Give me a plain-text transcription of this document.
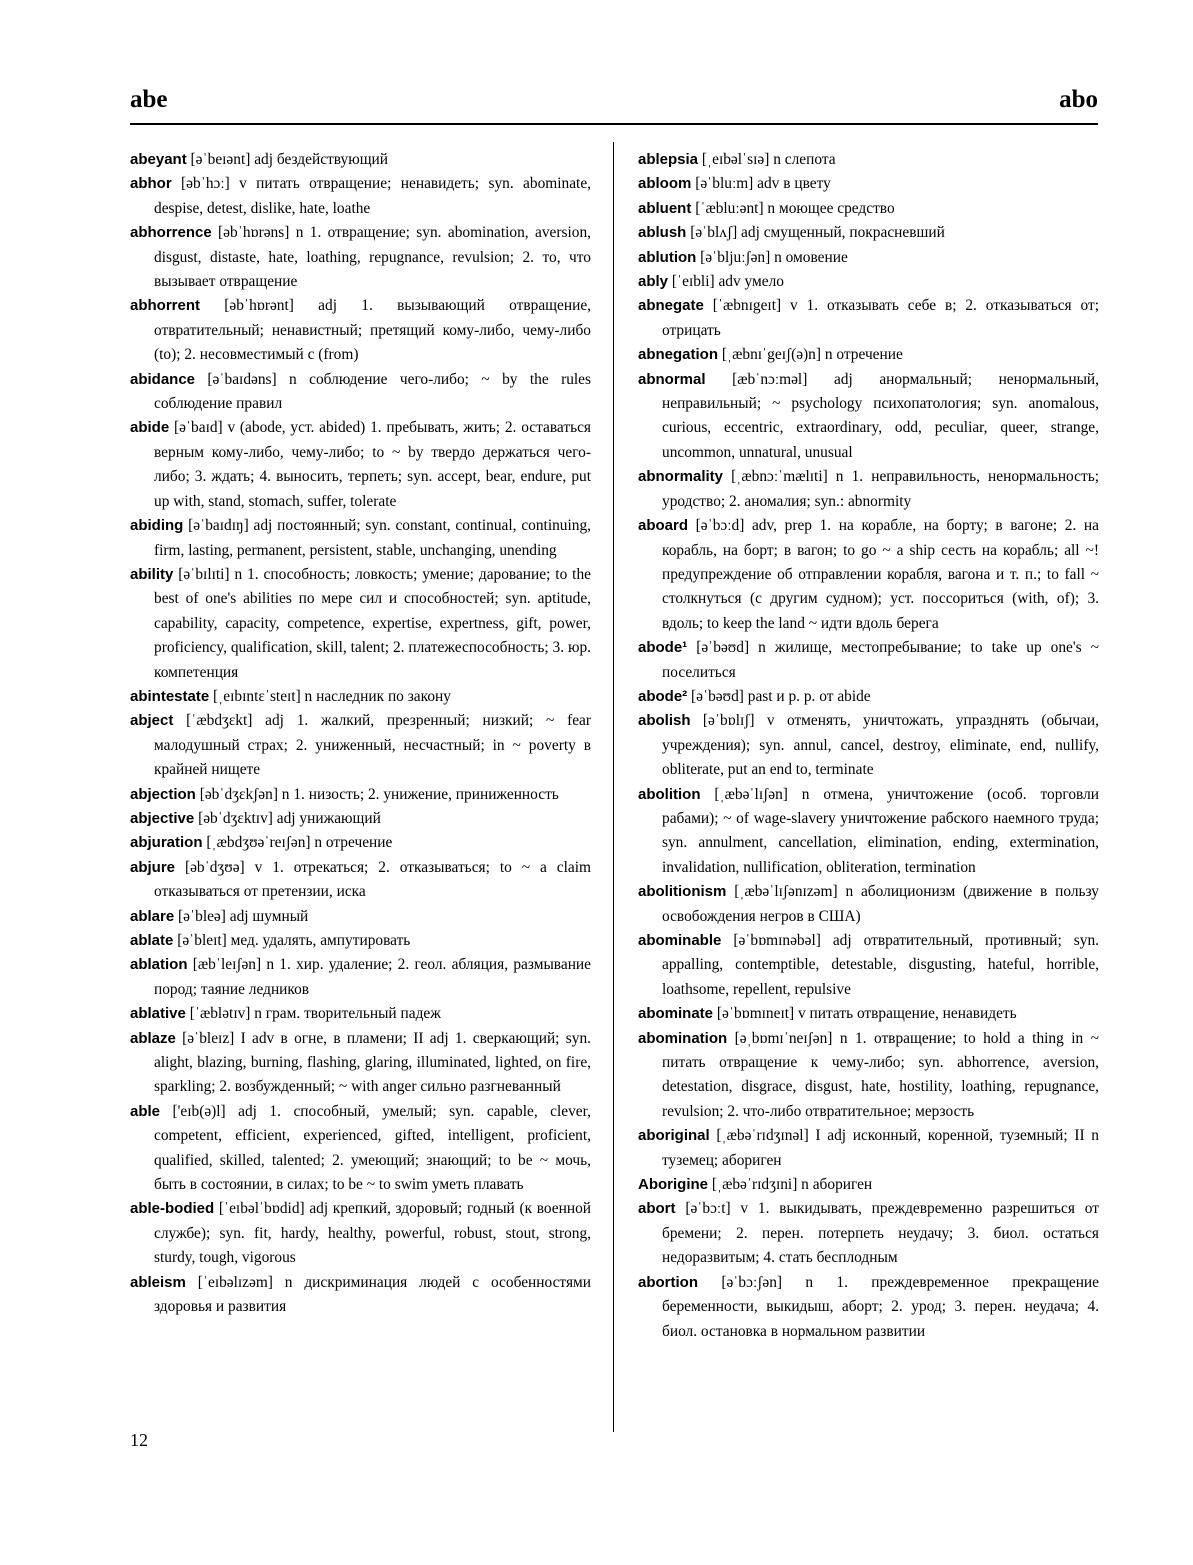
abe	abo

abeyant [əˈbeɪənt] adj бездействующий

abhor [əbˈhɔː] v питать отвращение; ненавидеть; syn. abominate, despise, detest, dislike, hate, loathe

abhorrence [əbˈhɒrəns] n 1. отвращение; syn. abomination, aversion, disgust, distaste, hate, loathing, repugnance, revulsion; 2. то, что вызывает отвращение

abhorrent [əbˈhɒrənt] adj 1. вызывающий отвращение, отвратительный; ненавистный; претящий кому-либо, чему-либо (to); 2. несовместимый с (from)

abidance [əˈbaɪdəns] n соблюдение чего-либо; ~ by the rules соблюдение правил

abide [əˈbaɪd] v (abode, уст. abided) 1. пребывать, жить; 2. оставаться верным кому-либо, чему-либо; to ~ by твердо держаться чего-либо; 3. ждать; 4. выносить, терпеть; syn. accept, bear, endure, put up with, stand, stomach, suffer, tolerate

abiding [əˈbaɪdɪŋ] adj постоянный; syn. constant, continual, continuing, firm, lasting, permanent, persistent, stable, unchanging, unending

ability [əˈbɪlɪti] n 1. способность; ловкость; умение; дарование; to the best of one's abilities по мере сил и способностей; syn. aptitude, capability, capacity, competence, expertise, expertness, gift, power, proficiency, qualification, skill, talent; 2. платежеспособность; 3. юр. компетенция

abintestate [ˌeɪbɪntɛˈsteɪt] n наследник по закону

abject [ˈæbdʒɛkt] adj 1. жалкий, презренный; низкий; ~ fear малодушный страх; 2. униженный, несчастный; in ~ poverty в крайней нищете

abjection [əbˈdʒɛkʃən] n 1. низость; 2. унижение, приниженность

abjective [əbˈdʒɛktɪv] adj унижающий

abjuration [ˌæbdʒʊəˈreɪʃən] n отречение

abjure [əbˈdʒʊə] v 1. отрекаться; 2. отказываться; to ~ a claim отказываться от претензии, иска

ablare [əˈbleə] adj шумный

ablate [əˈbleɪt] мед. удалять, ампутировать

ablation [æbˈleɪʃən] n 1. хир. удаление; 2. геол. абляция, размывание пород; таяние ледников

ablative [ˈæblətɪv] n грам. творительный падеж

ablaze [əˈbleɪz] I adv в огне, в пламени; II adj 1. сверкающий; syn. alight, blazing, burning, flashing, glaring, illuminated, lighted, on fire, sparkling; 2. возбужденный; ~ with anger сильно разгневанный

able ['eɪb(ə)l] adj 1. способный, умелый; syn. capable, clever, competent, efficient, experienced, gifted, intelligent, proficient, qualified, skilled, talented; 2. умеющий; знающий; to be ~ мочь, быть в состоянии, в силах; to be ~ to swim уметь плавать

able-bodied [ˈeɪbəlˈbɒdid] adj крепкий, здоровый; годный (к военной службе); syn. fit, hardy, healthy, powerful, robust, stout, strong, sturdy, tough, vigorous

ableism [ˈeɪbəlɪzəm] n дискриминация людей с особенностями здоровья и развития

ablepsia [ˌeɪbəlˈsɪə] n слепота

abloom [əˈbluːm] adv в цвету

abluent [ˈæbluːənt] n моющее средство

ablush [əˈblʌʃ] adj смущенный, покрасневший

ablution [əˈbljuːʃən] n омовение

ably [ˈeɪbli] adv умело

abnegate [ˈæbnɪgeɪt] v 1. отказывать себе в; 2. отказываться от; отрицать

abnegation [ˌæbnɪˈgeɪʃ(ə)n] n отречение

abnormal [æbˈnɔːməl] adj анормальный; ненормальный, неправильный; ~ psychology психопатология; syn. anomalous, curious, eccentric, extraordinary, odd, peculiar, queer, strange, uncommon, unnatural, unusual

abnormality [ˌæbnɔːˈmælɪti] n 1. неправильность, ненормальность; уродство; 2. аномалия; syn.: abnormity

aboard [əˈbɔːd] adv, prep 1. на корабле, на борту; в вагоне; 2. на корабль, на борт; в вагон; to go ~ a ship сесть на корабль; all ~! предупреждение об отправлении корабля, вагона и т. п.; to fall ~ столкнуться (с другим судном); уст. поссориться (with, of); 3. вдоль; to keep the land ~ идти вдоль берега

abode¹ [əˈbəʊd] n жилище, местопребывание; to take up one's ~ поселиться

abode² [əˈbəʊd] past и p. p. от abide

abolish [əˈbɒlɪʃ] v отменять, уничтожать, упразднять (обычаи, учреждения); syn. annul, cancel, destroy, eliminate, end, nullify, obliterate, put an end to, terminate

abolition [ˌæbəˈlɪʃən] n отмена, уничтожение (особ. торговли рабами); ~ of wage-slavery уничтожение рабского наемного труда; syn. annulment, cancellation, elimination, ending, extermination, invalidation, nullification, obliteration, termination

abolitionism [ˌæbəˈlɪʃənɪzəm] n аболиционизм (движение в пользу освобождения негров в США)

abominable [əˈbɒmɪnəbəl] adj отвратительный, противный; syn. appalling, contemptible, detestable, disgusting, hateful, horrible, loathsome, repellent, repulsive

abominate [əˈbɒmɪneɪt] v питать отвращение, ненавидеть

abomination [əˌbɒmɪˈneɪʃən] n 1. отвращение; to hold a thing in ~ питать отвращение к чему-либо; syn. abhorrence, aversion, detestation, disgrace, disgust, hate, hostility, loathing, repugnance, revulsion; 2. что-либо отвратительное; мерзость

aboriginal [ˌæbəˈrɪdʒɪnəl] I adj исконный, коренной, туземный; II n туземец; абориген

Aborigine [ˌæbəˈrɪdʒɪni] n абориген

abort [əˈbɔːt] v 1. выкидывать, преждевременно разрешиться от бремени; 2. перен. потерпеть неудачу; 3. биол. остаться недоразвитым; 4. стать бесплодным

abortion [əˈbɔːʃən] n 1. преждевременное прекращение беременности, выкидыш, аборт; 2. урод; 3. перен. неудача; 4. биол. остановка в нормальном развитии

12
